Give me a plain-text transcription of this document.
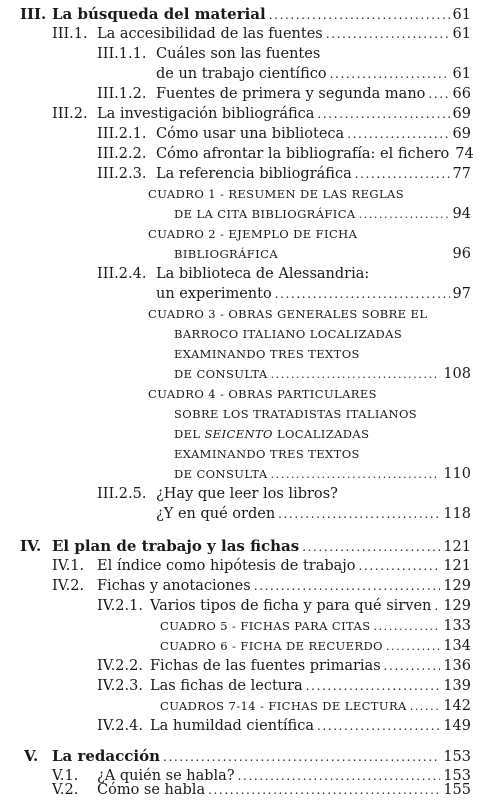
III. La búsqueda del material .....	61
III.1. La accesibilidad de las fuentes .....	61
III.1.1. Cuáles son las fuentes
de un trabajo científico .....	61
III.1.2. Fuentes de primera y segunda mano ..... 66
III.2. La investigación bibliográfica .....	69
III.2.1. Cómo usar una biblioteca .....	69
III.2.2. Cómo afrontar la bibliografía: el fichero 74
III.2.3. La referencia bibliográfica .....	77
CUADRO 1 - RESUMEN DE LAS REGLAS
DE LA CITA BIBLIOGRÁFICA .....	94
CUADRO 2 - EJEMPLO DE FICHA
BIBLIOGRÁFICA	96
III.2.4. La biblioteca de Alessandria:
un experimento .....	97
CUADRO 3 - OBRAS GENERALES SOBRE EL
BARROCO ITALIANO LOCALIZADAS
EXAMINANDO TRES TEXTOS
DE CONSULTA .....	108
CUADRO 4 - OBRAS PARTICULARES
SOBRE LOS TRATADISTAS ITALIANOS
DEL SEICENTO LOCALIZADAS
EXAMINANDO TRES TEXTOS
DE CONSULTA .....	110
III.2.5. ¿Hay que leer los libros?
¿Y en qué orden .....	118
IV. El plan de trabajo y las fichas .....	121
IV.1. El índice como hipótesis de trabajo .....	121
IV.2. Fichas y anotaciones .....	129
IV.2.1. Varios tipos de ficha y para qué sirven ..... 129
CUADRO 5 - FICHAS PARA CITAS .....	133
CUADRO 6 - FICHA DE RECUERDO .....	134
IV.2.2. Fichas de las fuentes primarias .....	136
IV.2.3. Las fichas de lectura .....	139
CUADROS 7-14 - FICHAS DE LECTURA .....	142
IV.2.4. La humildad científica .....	149
V. La redacción .....	153
V.1. ¿A quién se habla? .....	153
V.2. Cómo se habla .....	155
